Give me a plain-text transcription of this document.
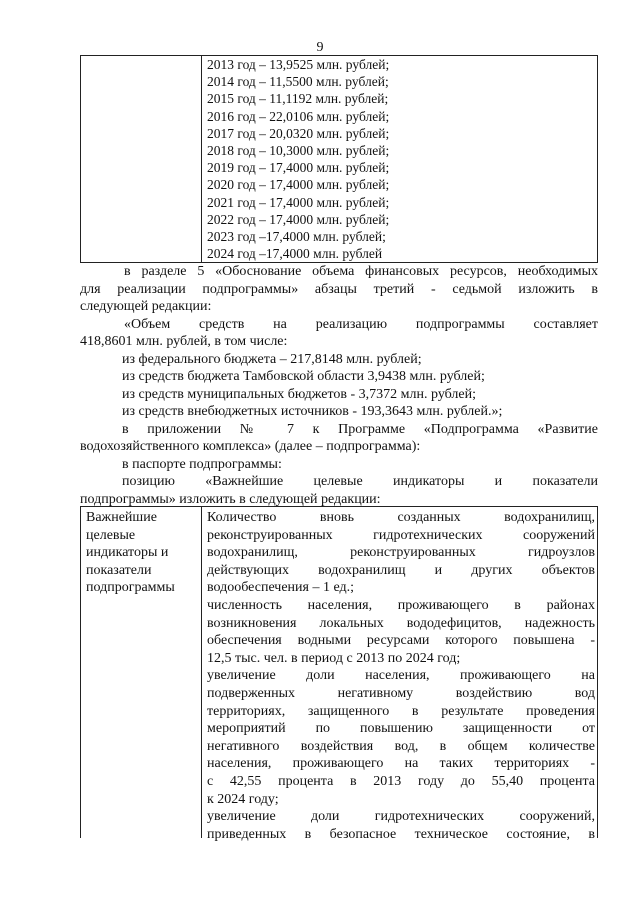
9
2013 год – 13,9525 млн. рублей;
2014 год – 11,5500 млн. рублей;
2015 год – 11,1192 млн. рублей;
2016 год – 22,0106 млн. рублей;
2017 год – 20,0320 млн. рублей;
2018 год – 10,3000 млн. рублей;
2019 год – 17,4000 млн. рублей;
2020 год – 17,4000 млн. рублей;
2021 год – 17,4000 млн. рублей;
2022 год – 17,4000 млн. рублей;
2023 год –17,4000 млн. рублей;
2024 год –17,4000 млн. рублей
в разделе 5 «Обоснование объема финансовых ресурсов, необходимых
для реализации подпрограммы» абзацы третий - седьмой изложить в
следующей редакции:
«Объем средств на реализацию подпрограммы составляет
418,8601 млн. рублей, в том числе:
из федерального бюджета – 217,8148 млн. рублей;
из средств бюджета Тамбовской области 3,9438 млн. рублей;
из средств муниципальных бюджетов - 3,7372 млн. рублей;
из средств внебюджетных источников - 193,3643 млн. рублей.»;
в приложении № 7 к Программе «Подпрограмма «Развитие
водохозяйственного комплекса» (далее – подпрограмма):
в паспорте подпрограммы:
позицию «Важнейшие целевые индикаторы и показатели
подпрограммы» изложить в следующей редакции:
Важнейшие
целевые
индикаторы и
показатели
подпрограммы
Количество вновь созданных водохранилищ,
реконструированных гидротехнических сооружений
водохранилищ, реконструированных гидроузлов
действующих водохранилищ и других объектов
водообеспечения – 1 ед.;
численность населения, проживающего в районах
возникновения локальных вододефицитов, надежность
обеспечения водными ресурсами которого повышена -
12,5 тыс. чел. в период с 2013 по 2024 год;
увеличение доли населения, проживающего на
подверженных негативному воздействию вод
территориях, защищенного в результате проведения
мероприятий по повышению защищенности от
негативного воздействия вод, в общем количестве
населения, проживающего на таких территориях -
с 42,55 процента в 2013 году до 55,40 процента
к 2024 году;
увеличение доли гидротехнических сооружений,
приведенных в безопасное техническое состояние, в
